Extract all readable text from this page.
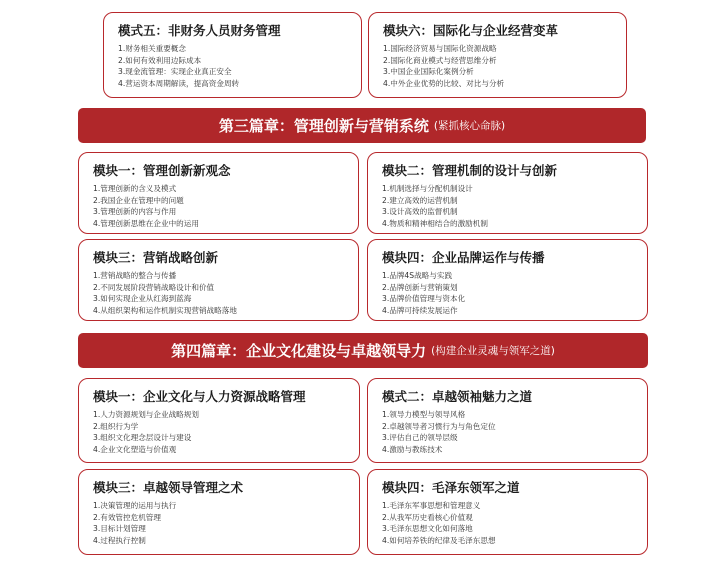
模式五：非财务人员财务管理
1.财务相关重要概念
2.如何有效利用边际成本
3.现金流管理：实现企业真正安全
4.营运资本周期解读，提高资金周转
模块六：国际化与企业经营变革
1.国际经济贸易与国际化资源战略
2.国际化商业模式与经营思维分析
3.中国企业国际化案例分析
4.中外企业优势的比较、对比与分析
第三篇章：管理创新与营销系统 (紧抓核心命脉)
模块一：管理创新新观念
1.管理创新的含义及模式
2.我国企业在管理中的问题
3.管理创新的内容与作用
4.管理创新思维在企业中的运用
模块二：管理机制的设计与创新
1.机制选择与分配机制设计
2.建立高效的运营机制
3.设计高效的监督机制
4.物质和精神相结合的激励机制
模块三：营销战略创新
1.营销战略的整合与传播
2.不同发展阶段营销战略设计和价值
3.如何实现企业从红海到蓝海
4.从组织架构和运作机制实现营销战略落地
模块四：企业品牌运作与传播
1.品牌4S战略与实践
2.品牌创新与营销策划
3.品牌价值管理与资本化
4.品牌可持续发展运作
第四篇章：企业文化建设与卓越领导力 (构建企业灵魂与领军之道)
模块一：企业文化与人力资源战略管理
1.人力资源规划与企业战略规划
2.组织行为学
3.组织文化理念层设计与建设
4.企业文化塑造与价值观
模式二：卓越领袖魅力之道
1.领导力模型与领导风格
2.卓越领导者习惯行为与角色定位
3.评估自己的领导层级
4.激励与教练技术
模块三：卓越领导管理之术
1.决策管理的运用与执行
2.有效管控危机管理
3.目标计划管理
4.过程执行控制
模块四：毛泽东领军之道
1.毛泽东军事思想和管理意义
2.从我军历史看核心价值观
3.毛泽东思想文化如何落地
4.如何培养铁的纪律及毛泽东思想
